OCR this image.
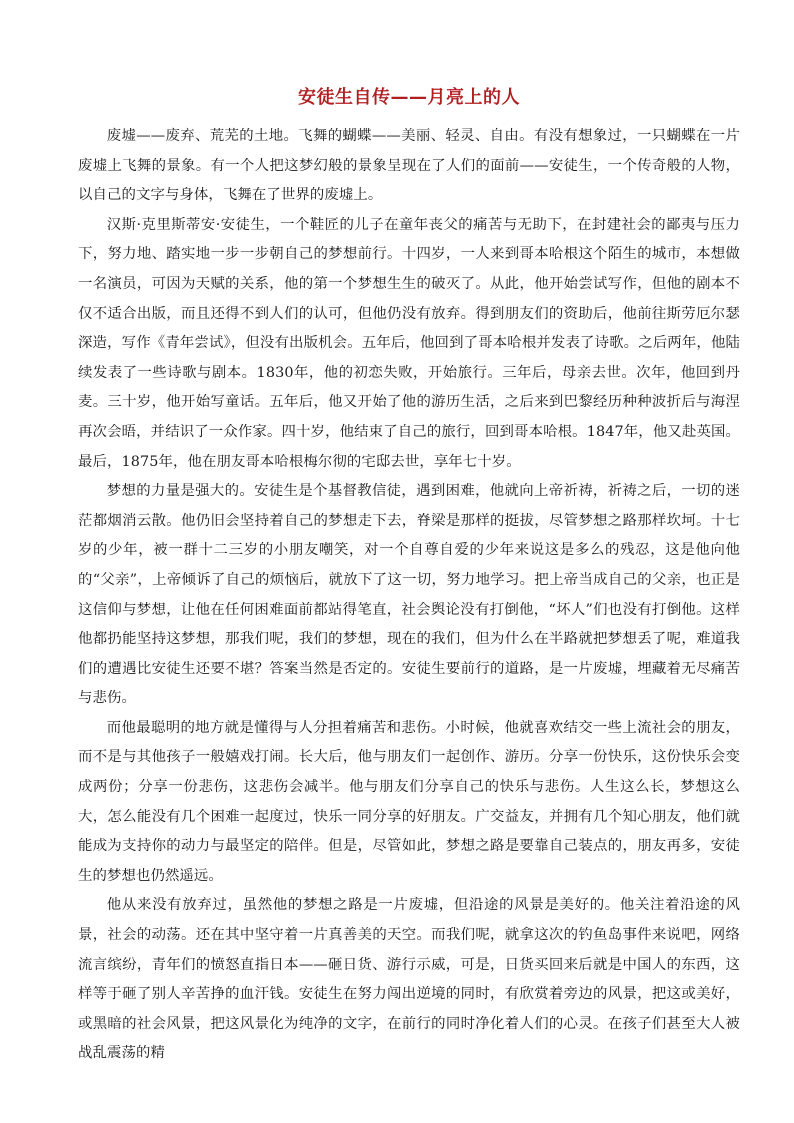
安徒生自传——月亮上的人

废墟——废弃、荒芜的土地。飞舞的蝴蝶——美丽、轻灵、自由。有没有想象过，一只蝴蝶在一片废墟上飞舞的景象。有一个人把这梦幻般的景象呈现在了人们的面前——安徒生，一个传奇般的人物，以自己的文字与身体，飞舞在了世界的废墟上。

汉斯·克里斯蒂安·安徒生，一个鞋匠的儿子在童年丧父的痛苦与无助下，在封建社会的鄙夷与压力下，努力地、踏实地一步一步朝自己的梦想前行。十四岁，一人来到哥本哈根这个陌生的城市，本想做一名演员，可因为天赋的关系，他的第一个梦想生生的破灭了。从此，他开始尝试写作，但他的剧本不仅不适合出版，而且还得不到人们的认可，但他仍没有放弃。得到朋友们的资助后，他前往斯劳厄尔瑟深造，写作《青年尝试》，但没有出版机会。五年后，他回到了哥本哈根并发表了诗歌。之后两年，他陆续发表了一些诗歌与剧本。1830年，他的初恋失败，开始旅行。三年后，母亲去世。次年，他回到丹麦。三十岁，他开始写童话。五年后，他又开始了他的游历生活，之后来到巴黎经历种种波折后与海涅再次会晤，并结识了一众作家。四十岁，他结束了自己的旅行，回到哥本哈根。1847年，他又赴英国。最后，1875年，他在朋友哥本哈根梅尔彻的宅邸去世，享年七十岁。

梦想的力量是强大的。安徒生是个基督教信徒，遇到困难，他就向上帝祈祷，祈祷之后，一切的迷茫都烟消云散。他仍旧会坚持着自己的梦想走下去，脊梁是那样的挺拔，尽管梦想之路那样坎坷。十七岁的少年，被一群十二三岁的小朋友嘲笑，对一个自尊自爱的少年来说这是多么的残忍，这是他向他的“父亲”，上帝倾诉了自己的烦恼后，就放下了这一切，努力地学习。把上帝当成自己的父亲，也正是这信仰与梦想，让他在任何困难面前都站得笔直，社会舆论没有打倒他，“坏人”们也没有打倒他。这样他都扔能坚持这梦想，那我们呢，我们的梦想，现在的我们，但为什么在半路就把梦想丢了呢，难道我们的遭遇比安徒生还要不堪？答案当然是否定的。安徒生要前行的道路，是一片废墟，埋藏着无尽痛苦与悲伤。

而他最聪明的地方就是懂得与人分担着痛苦和悲伤。小时候，他就喜欢结交一些上流社会的朋友，而不是与其他孩子一般嬉戏打闹。长大后，他与朋友们一起创作、游历。分享一份快乐，这份快乐会变成两份；分享一份悲伤，这悲伤会减半。他与朋友们分享自己的快乐与悲伤。人生这么长，梦想这么大，怎么能没有几个困难一起度过，快乐一同分享的好朋友。广交益友，并拥有几个知心朋友，他们就能成为支持你的动力与最坚定的陪伴。但是，尽管如此，梦想之路是要靠自己装点的，朋友再多，安徒生的梦想也仍然遥远。

他从来没有放弃过，虽然他的梦想之路是一片废墟，但沿途的风景是美好的。他关注着沿途的风景，社会的动荡。还在其中坚守着一片真善美的天空。而我们呢，就拿这次的钓鱼岛事件来说吧，网络流言缤纷，青年们的愤怒直指日本——砸日货、游行示威，可是，日货买回来后就是中国人的东西，这样等于砸了别人辛苦挣的血汗钱。安徒生在努力闯出逆境的同时，有欣赏着旁边的风景，把这或美好，或黑暗的社会风景，把这风景化为纯净的文字，在前行的同时净化着人们的心灵。在孩子们甚至大人被战乱震荡的精
